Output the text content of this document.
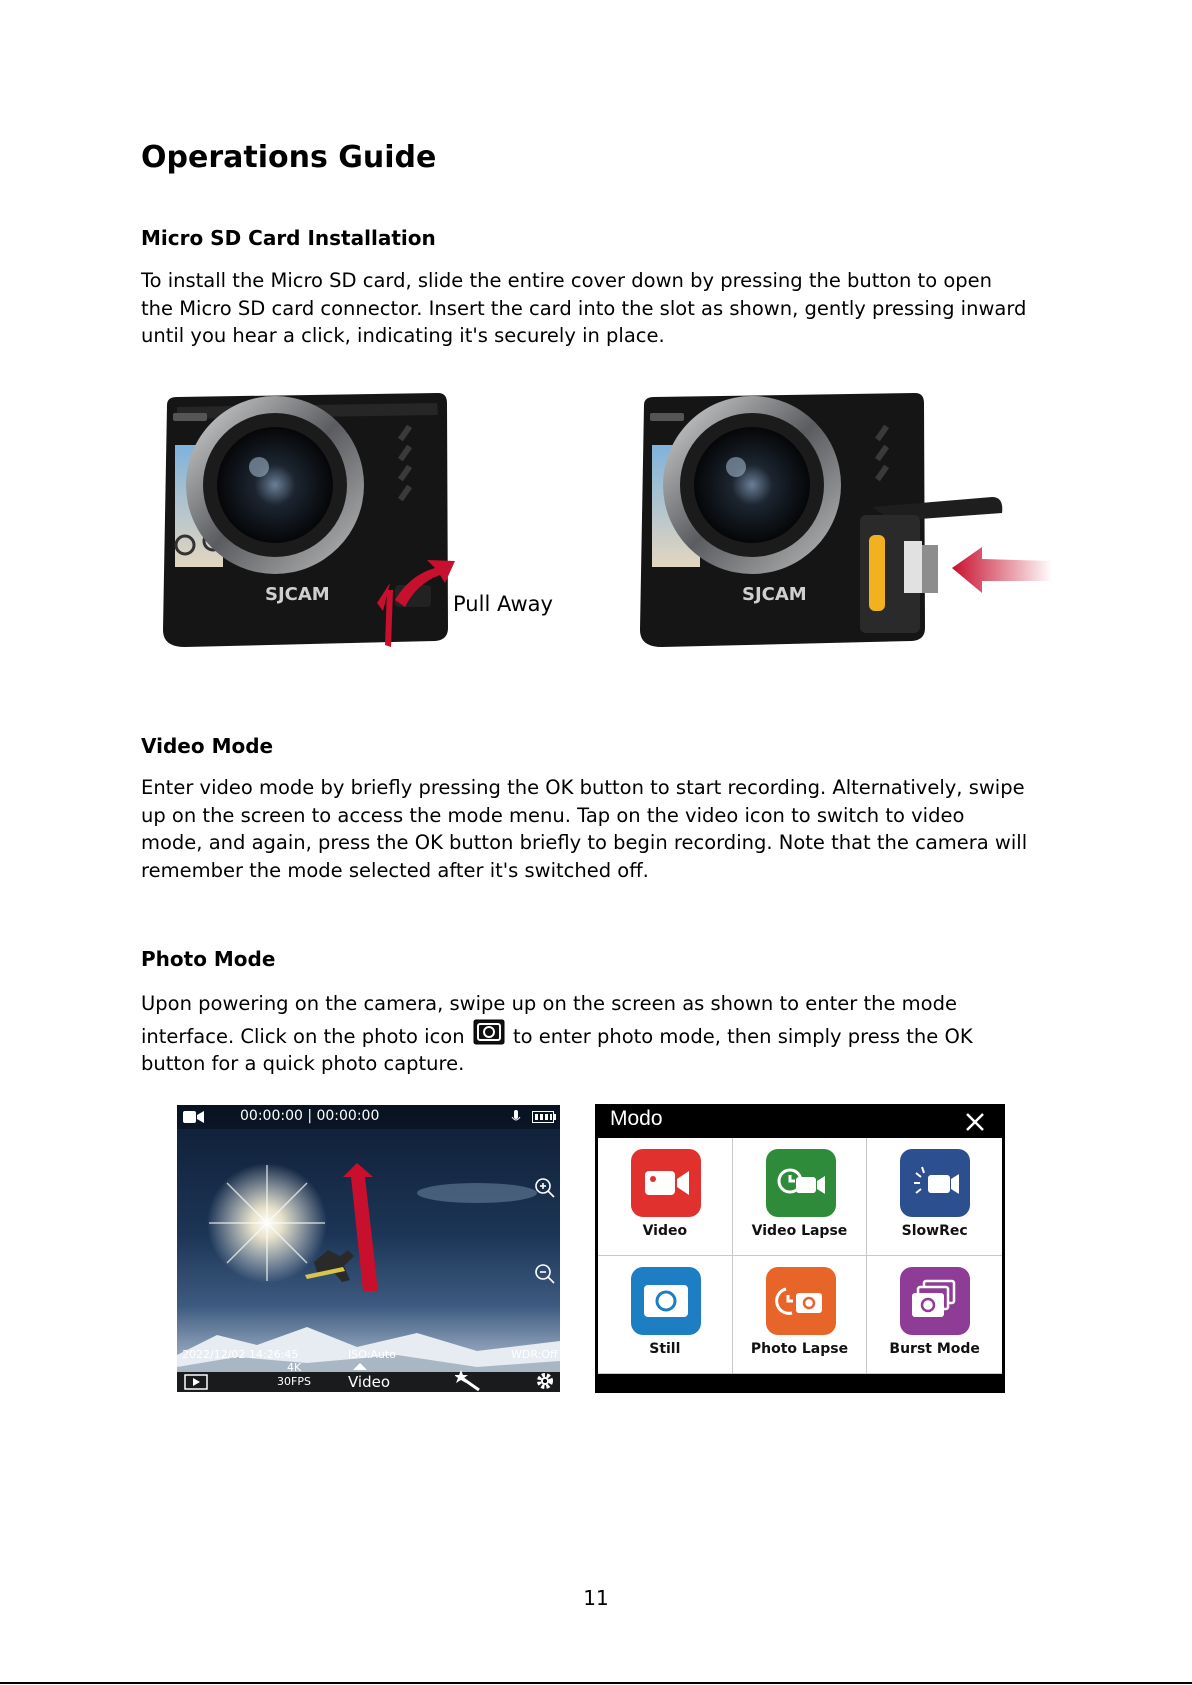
Operations Guide
Micro SD Card Installation

To install the Micro SD card, slide the entire cover down by pressing the button to open
the Micro SD card connector. Insert the card into the slot as shown, gently pressing inward
until you hear a click, indicating it's securely in place.

SJCAM	Pull Away	SJCAM
Video Mode

Enter video mode by briefly pressing the OK button to start recording. Alternatively, swipe
up on the screen to access the mode menu. Tap on the video icon to switch to video
mode, and again, press the OK button briefly to begin recording. Note that the camera will
remember the mode selected after it's switched off.

Photo Mode

Upon powering on the camera, swipe up on the screen as shown to enter the mode
interface. Click on the photo icon to enter photo mode, then simply press the OK
button for a quick photo capture.

00:00:00 | 00:00:00
2022/12/02 14:26:45	ISO:Auto	WDR:Off
4K
30FPS Video
Modo
Video	Video Lapse	SlowRec
Still	Photo Lapse	Burst Mode
11
